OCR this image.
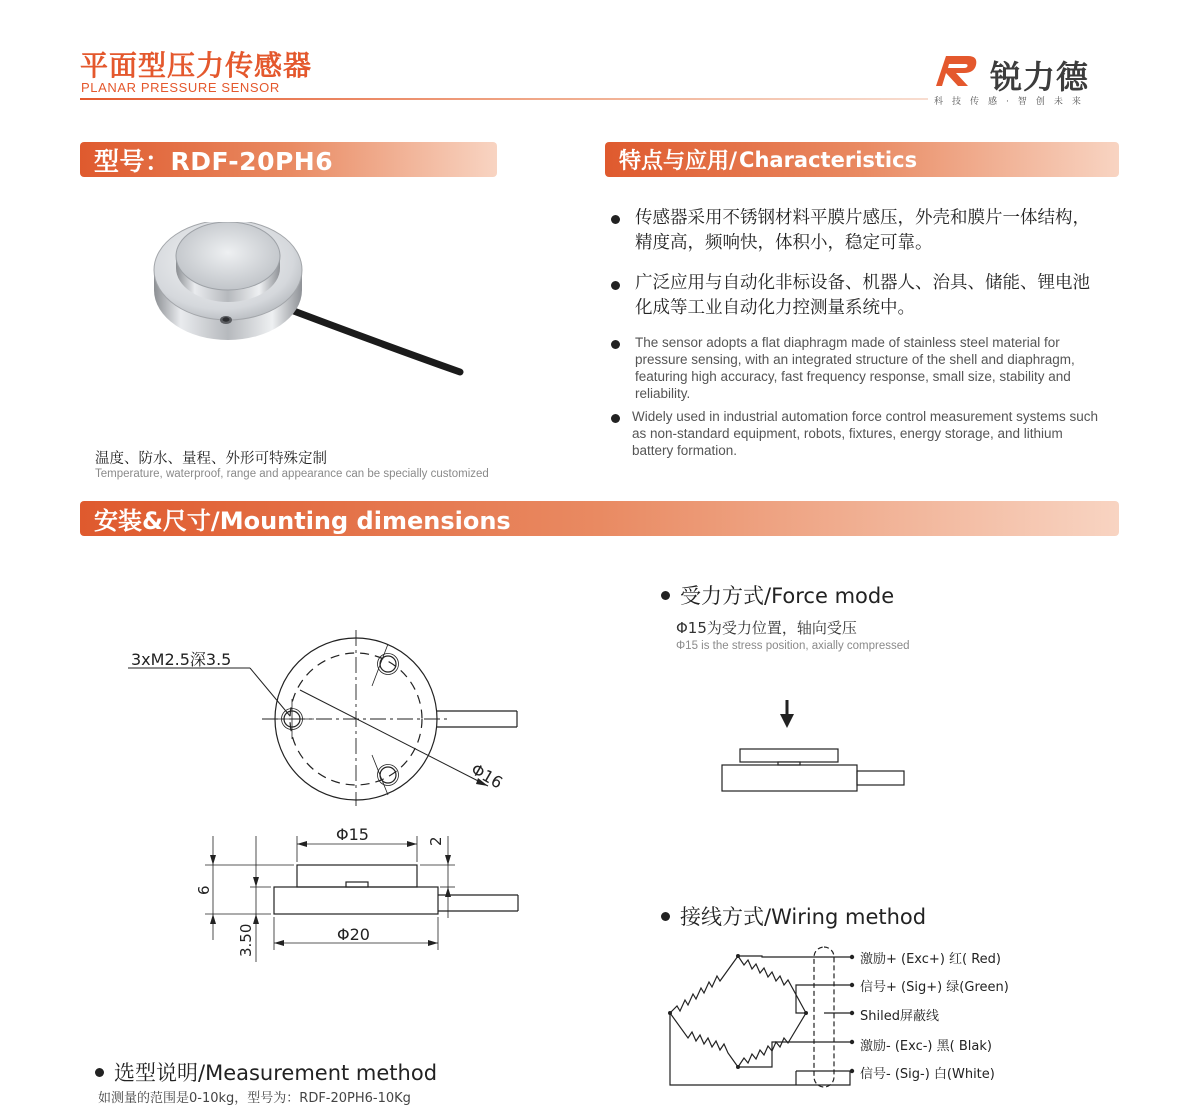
平面型压力传感器
PLANAR PRESSURE SENSOR	锐力德
科技传感·智创未来
型号：RDF-20PH6	特点与应用/ Characteristics
温度、防水、量程、外形可特殊定制
Temperature, waterproof, range and appearance can be specially customized
传感器采用不锈钢材料平膜片感压，外壳和膜片一体结构，精度高，频响快，体积小，稳定可靠。
广泛应用与自动化非标设备、机器人、治具、储能、锂电池化成等工业自动化力控测量系统中。
The sensor adopts a flat diaphragm made of stainless steel material for pressure sensing, with an integrated structure of the shell and diaphragm, featuring high accuracy, fast frequency response, small size, stability and reliability.
Widely used in industrial automation force control measurement systems such as non-standard equipment, robots, fixtures, energy storage, and lithium battery formation.
安装&尺寸/Mounting dimensions
3xM2.5深3.5
Φ16
Φ15
Φ20
2
6
3.50
受力方式/Force mode
Φ15为受力位置，轴向受压
Φ15 is the stress position, axially compressed
接线方式/Wiring method
激励+ (Exc+) 红( Red)
信号+ (Sig+) 绿(Green)
Shiled屏蔽线
激励- (Exc-) 黑( Blak)
信号- (Sig-) 白(White)
选型说明/Measurement method
如测量的范围是0-10kg，型号为：RDF-20PH6-10Kg
